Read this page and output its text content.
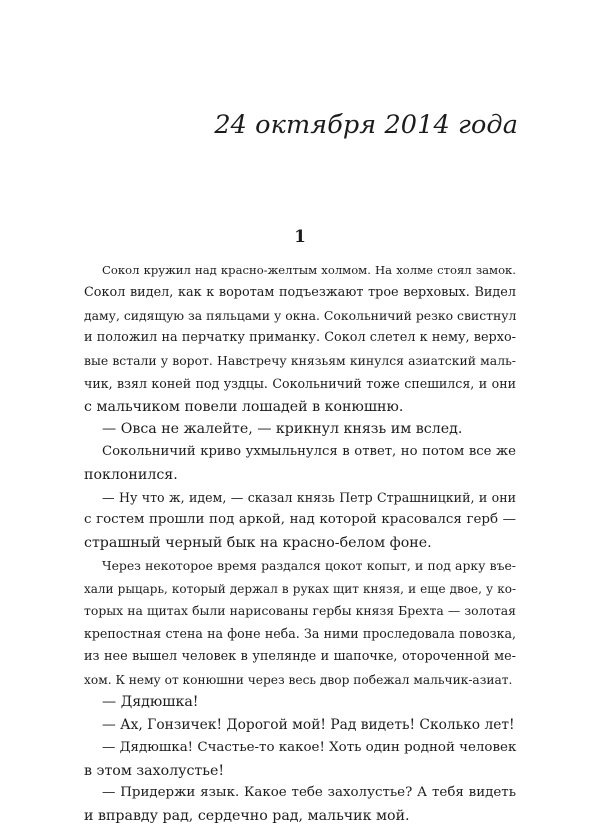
24 октября 2014 года
1
Сокол кружил над красно-желтым холмом. На холме стоял замок.
Сокол видел, как к воротам подъезжают трое верховых. Видел
даму, сидящую за пяльцами у окна. Сокольничий резко свистнул
и положил на перчатку приманку. Сокол слетел к нему, верхо-
вые встали у ворот. Навстречу князьям кинулся азиатский маль-
чик, взял коней под уздцы. Сокольничий тоже спешился, и они
с мальчиком повели лошадей в конюшню.
— Овса не жалейте, — крикнул князь им вслед.
Сокольничий криво ухмыльнулся в ответ, но потом все же
поклонился.
— Ну что ж, идем, — сказал князь Петр Страшницкий, и они
с гостем прошли под аркой, над которой красовался герб —
страшный черный бык на красно-белом фоне.
Через некоторое время раздался цокот копыт, и под арку въе-
хали рыцарь, который держал в руках щит князя, и еще двое, у ко-
торых на щитах были нарисованы гербы князя Брехта — золотая
крепостная стена на фоне неба. За ними проследовала повозка,
из нее вышел человек в упелянде и шапочке, отороченной ме-
хом. К нему от конюшни через весь двор побежал мальчик-азиат.
— Дядюшка!
— Ах, Гонзичек! Дорогой мой! Рад видеть! Сколько лет!
— Дядюшка! Счастье-то какое! Хоть один родной человек
в этом захолустье!
— Придержи язык. Какое тебе захолустье? А тебя видеть
и вправду рад, сердечно рад, мальчик мой.
